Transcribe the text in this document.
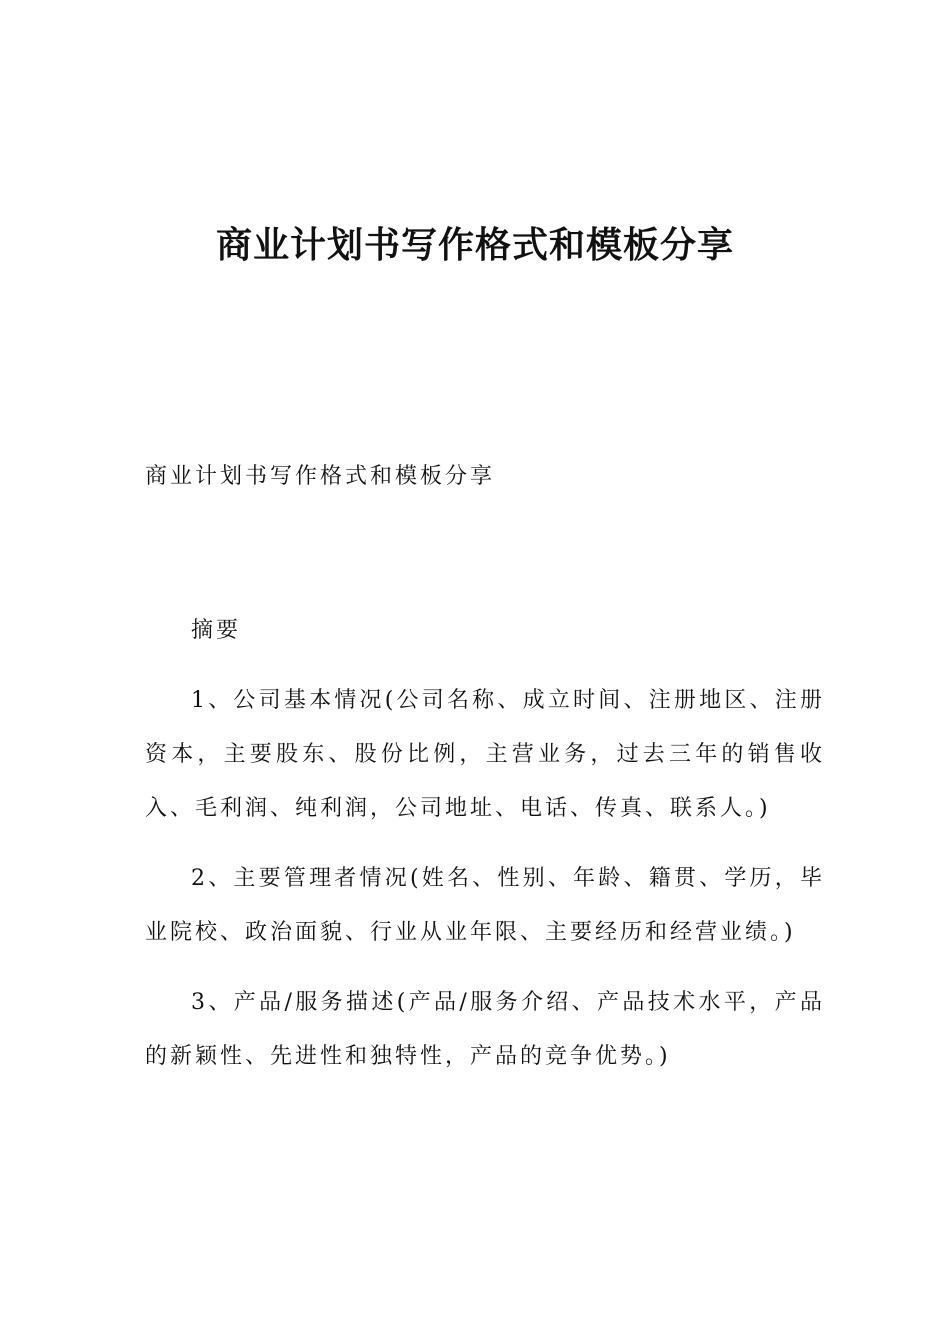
商业计划书写作格式和模板分享

商业计划书写作格式和模板分享

摘要

1、公司基本情况(公司名称、成立时间、注册地区、注册资本，主要股东、股份比例，主营业务，过去三年的销售收入、毛利润、纯利润，公司地址、电话、传真、联系人。)

2、主要管理者情况(姓名、性别、年龄、籍贯、学历，毕业院校、政治面貌、行业从业年限、主要经历和经营业绩。)

3、产品/服务描述(产品/服务介绍、产品技术水平，产品的新颖性、先进性和独特性，产品的竞争优势。)
